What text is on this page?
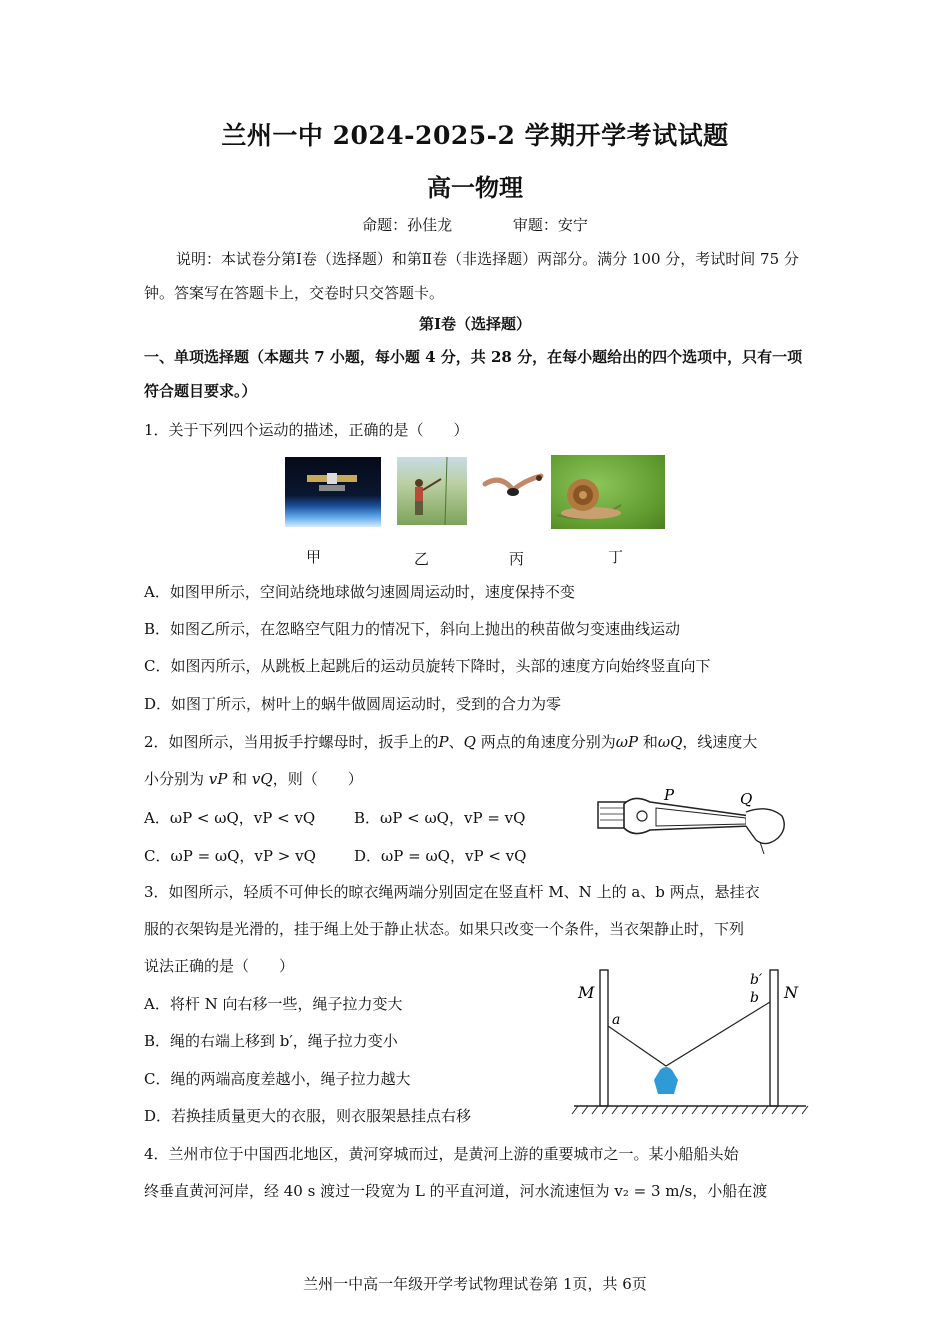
兰州一中 2024-2025-2 学期开学考试试题
高一物理
命题：孙佳龙	审题：安宁
说明：本试卷分第Ⅰ卷（选择题）和第Ⅱ卷（非选择题）两部分。满分 100 分，考试时间 75 分钟。答案写在答题卡上，交卷时只交答题卡。
第Ⅰ卷（选择题）
一、单项选择题（本题共 7 小题，每小题 4 分，共 28 分，在每小题给出的四个选项中，只有一项符合题目要求。）
1．关于下列四个运动的描述，正确的是（　　）
甲	乙	丙	丁
A．如图甲所示，空间站绕地球做匀速圆周运动时，速度保持不变
B．如图乙所示，在忽略空气阻力的情况下，斜向上抛出的秧苗做匀变速曲线运动
C．如图丙所示，从跳板上起跳后的运动员旋转下降时，头部的速度方向始终竖直向下
D．如图丁所示，树叶上的蜗牛做圆周运动时，受到的合力为零
2．如图所示，当用扳手拧螺母时，扳手上的P、Q 两点的角速度分别为ωP 和ωQ，线速度大
小分别为 vP 和 vQ，则（　　）
A．ωP < ωQ，vP < vQ	B．ωP < ωQ，vP = vQ
C．ωP = ωQ，vP > vQ	D．ωP = ωQ，vP < vQ
P	Q
3．如图所示，轻质不可伸长的晾衣绳两端分别固定在竖直杆 M、N 上的 a、b 两点，悬挂衣
服的衣架钩是光滑的，挂于绳上处于静止状态。如果只改变一个条件，当衣架静止时，下列
说法正确的是（　　）
A．将杆 N 向右移一些，绳子拉力变大
B．绳的右端上移到 b′，绳子拉力变小
C．绳的两端高度差越小，绳子拉力越大
D．若换挂质量更大的衣服，则衣服架悬挂点右移
M	N
a
b
b′
4．兰州市位于中国西北地区，黄河穿城而过，是黄河上游的重要城市之一。某小船船头始
终垂直黄河河岸，经 40 s 渡过一段宽为 L 的平直河道，河水流速恒为 v₂ = 3 m/s，小船在渡
兰州一中高一年级开学考试物理试卷第 1页，共 6页
